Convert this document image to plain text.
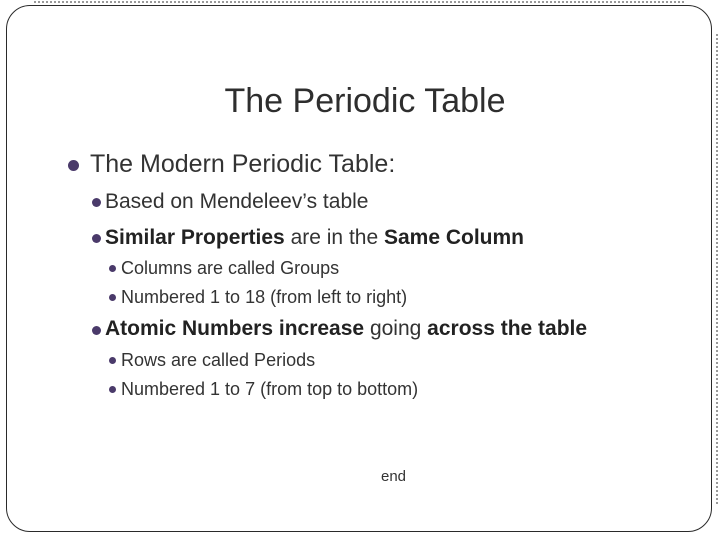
The Periodic Table
The Modern Periodic Table:
Based on Mendeleev’s table
Similar Properties are in the Same Column
Columns are called Groups
Numbered 1 to 18 (from left to right)
Atomic Numbers increase going across the table
Rows are called Periods
Numbered 1 to 7 (from top to bottom)
end
